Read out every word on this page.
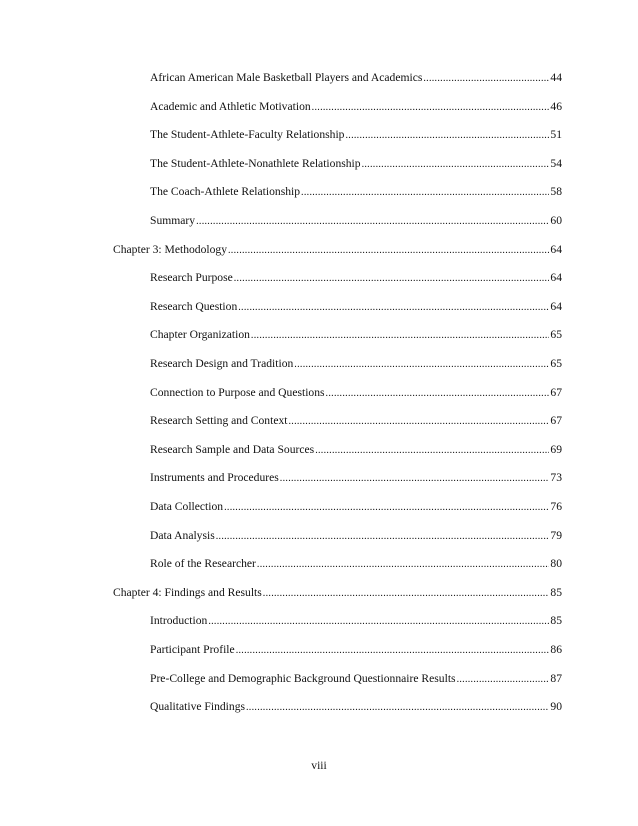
African American Male Basketball Players and Academics .....	44
Academic and Athletic Motivation .....	46
The Student-Athlete-Faculty Relationship .....	51
The Student-Athlete-Nonathlete Relationship .....	54
The Coach-Athlete Relationship .....	58
Summary .....	60
Chapter 3: Methodology .....	64
Research Purpose .....	64
Research Question .....	64
Chapter Organization .....	65
Research Design and Tradition .....	65
Connection to Purpose and Questions .....	67
Research Setting and Context .....	67
Research Sample and Data Sources .....	69
Instruments and Procedures .....	73
Data Collection .....	76
Data Analysis .....	79
Role of the Researcher .....	80
Chapter 4: Findings and Results .....	85
Introduction .....	85
Participant Profile .....	86
Pre-College and Demographic Background Questionnaire Results .....	87
Qualitative Findings .....	90
viii
